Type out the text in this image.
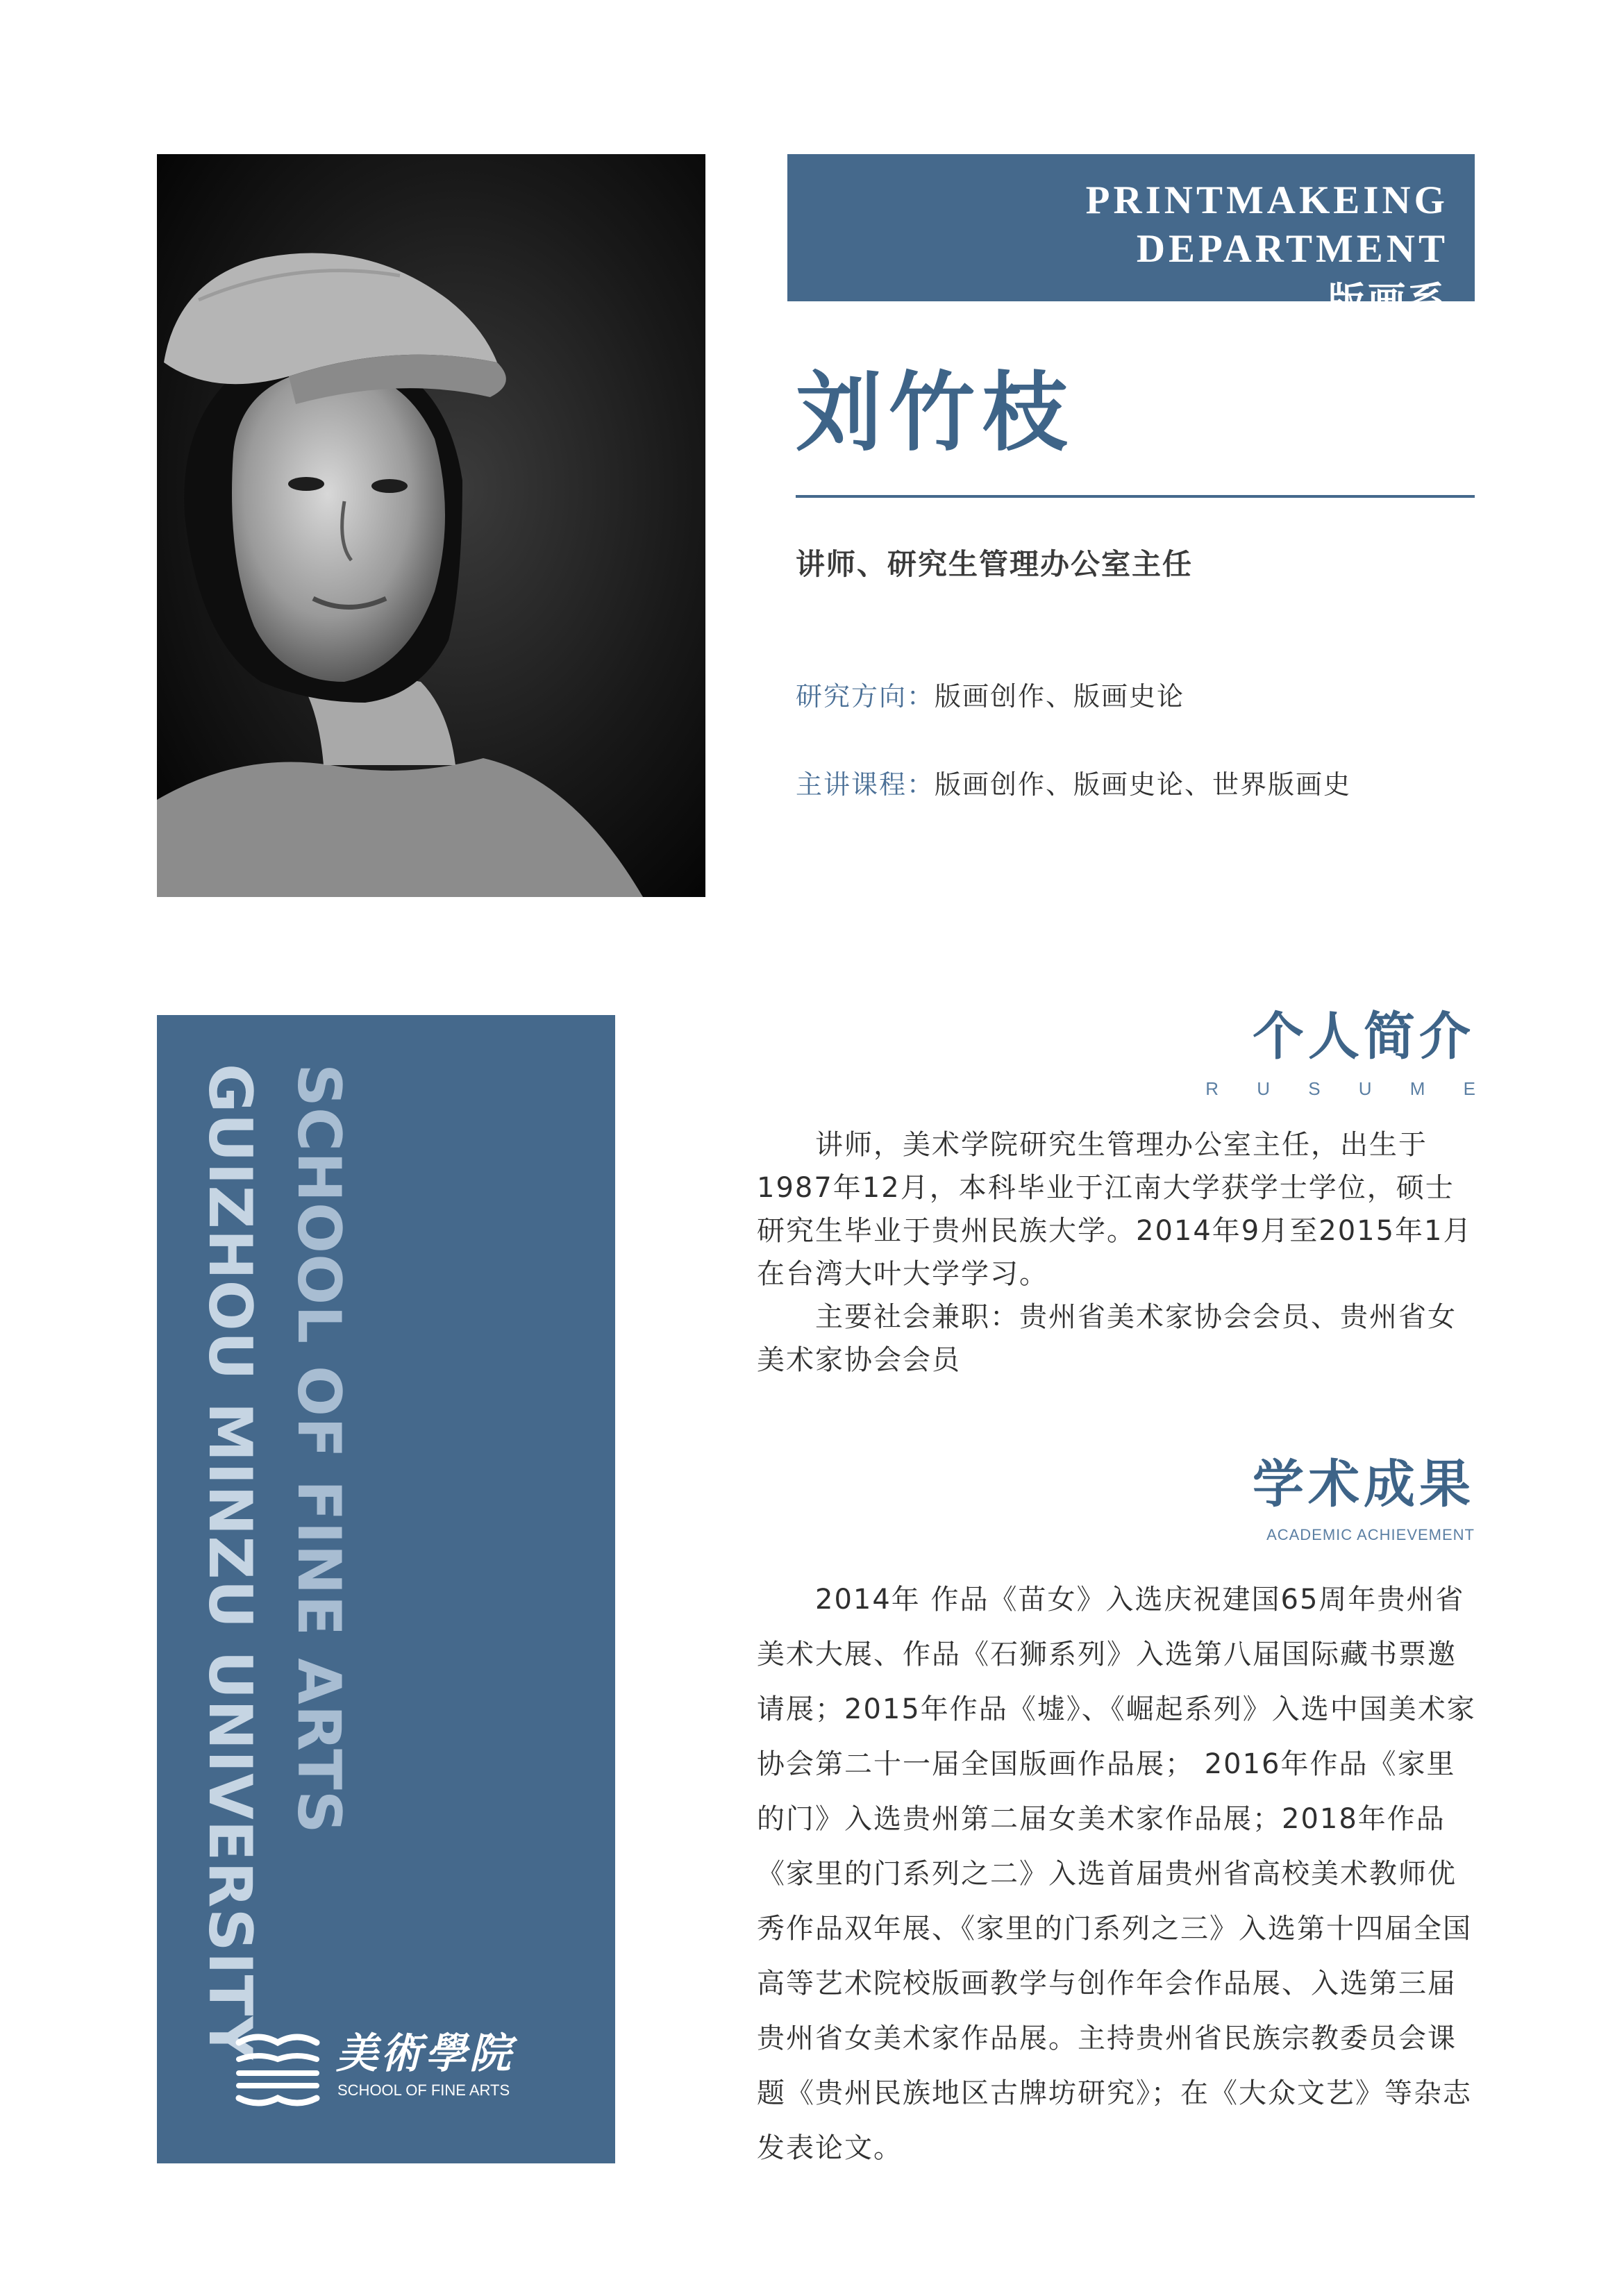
PRINTMAKEING DEPARTMENT
版画系
刘竹枝
讲师、研究生管理办公室主任
研究方向：版画创作、版画史论
主讲课程：版画创作、版画史论、世界版画史
SCHOOL OF FINE ARTS
GUIZHOU MINZU UNIVERSITY 美術學院
SCHOOL OF FINE ARTS
个人简介
R U S U M E

讲师，美术学院研究生管理办公室主任，出生于1987年12月，本科毕业于江南大学获学士学位，硕士研究生毕业于贵州民族大学。2014年9月至2015年1月在台湾大叶大学学习。

主要社会兼职：贵州省美术家协会会员、贵州省女美术家协会会员

学术成果
ACADEMIC ACHIEVEMENT

2014年 作品《苗女》入选庆祝建国65周年贵州省美术大展、作品《石狮系列》入选第八届国际藏书票邀请展；2015年作品《墟》、《崛起系列》入选中国美术家协会第二十一届全国版画作品展； 2016年作品《家里的门》入选贵州第二届女美术家作品展；2018年作品《家里的门系列之二》入选首届贵州省高校美术教师优秀作品双年展、《家里的门系列之三》入选第十四届全国高等艺术院校版画教学与创作年会作品展、入选第三届贵州省女美术家作品展。主持贵州省民族宗教委员会课题《贵州民族地区古牌坊研究》；在《大众文艺》等杂志发表论文。
